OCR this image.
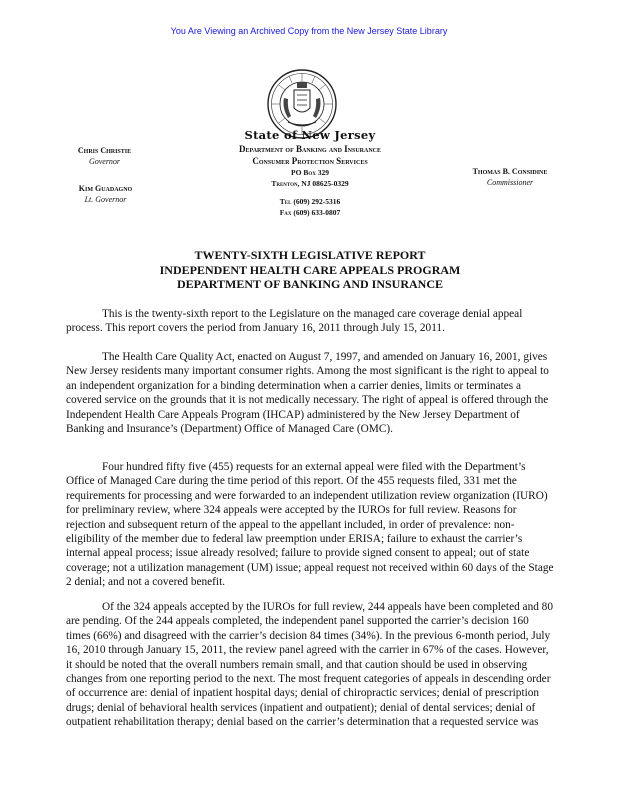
You Are Viewing an Archived Copy from the New Jersey State Library
State of New Jersey
Department of Banking and Insurance
Consumer Protection Services
PO Box 329
Trenton, NJ 08625-0329
Tel (609) 292-5316
Fax (609) 633-0807
Chris Christie
Governor
Kim Guadagno
Lt. Governor
Thomas B. Considine
Commissioner
TWENTY-SIXTH LEGISLATIVE REPORT
INDEPENDENT HEALTH CARE APPEALS PROGRAM
DEPARTMENT OF BANKING AND INSURANCE

This is the twenty-sixth report to the Legislature on the managed care coverage denial appeal process. This report covers the period from January 16, 2011 through July 15, 2011.

The Health Care Quality Act, enacted on August 7, 1997, and amended on January 16, 2001, gives New Jersey residents many important consumer rights. Among the most significant is the right to appeal to an independent organization for a binding determination when a carrier denies, limits or terminates a covered service on the grounds that it is not medically necessary. The right of appeal is offered through the Independent Health Care Appeals Program (IHCAP) administered by the New Jersey Department of Banking and Insurance’s (Department) Office of Managed Care (OMC).

Four hundred fifty five (455) requests for an external appeal were filed with the Department’s Office of Managed Care during the time period of this report. Of the 455 requests filed, 331 met the requirements for processing and were forwarded to an independent utilization review organization (IURO) for preliminary review, where 324 appeals were accepted by the IUROs for full review. Reasons for rejection and subsequent return of the appeal to the appellant included, in order of prevalence: non-eligibility of the member due to federal law preemption under ERISA; failure to exhaust the carrier’s internal appeal process; issue already resolved; failure to provide signed consent to appeal; out of state coverage; not a utilization management (UM) issue; appeal request not received within 60 days of the Stage 2 denial; and not a covered benefit.

Of the 324 appeals accepted by the IUROs for full review, 244 appeals have been completed and 80 are pending. Of the 244 appeals completed, the independent panel supported the carrier’s decision 160 times (66%) and disagreed with the carrier’s decision 84 times (34%). In the previous 6-month period, July 16, 2010 through January 15, 2011, the review panel agreed with the carrier in 67% of the cases. However, it should be noted that the overall numbers remain small, and that caution should be used in observing changes from one reporting period to the next. The most frequent categories of appeals in descending order of occurrence are: denial of inpatient hospital days; denial of chiropractic services; denial of prescription drugs; denial of behavioral health services (inpatient and outpatient); denial of dental services; denial of outpatient rehabilitation therapy; denial based on the carrier’s determination that a requested service was
